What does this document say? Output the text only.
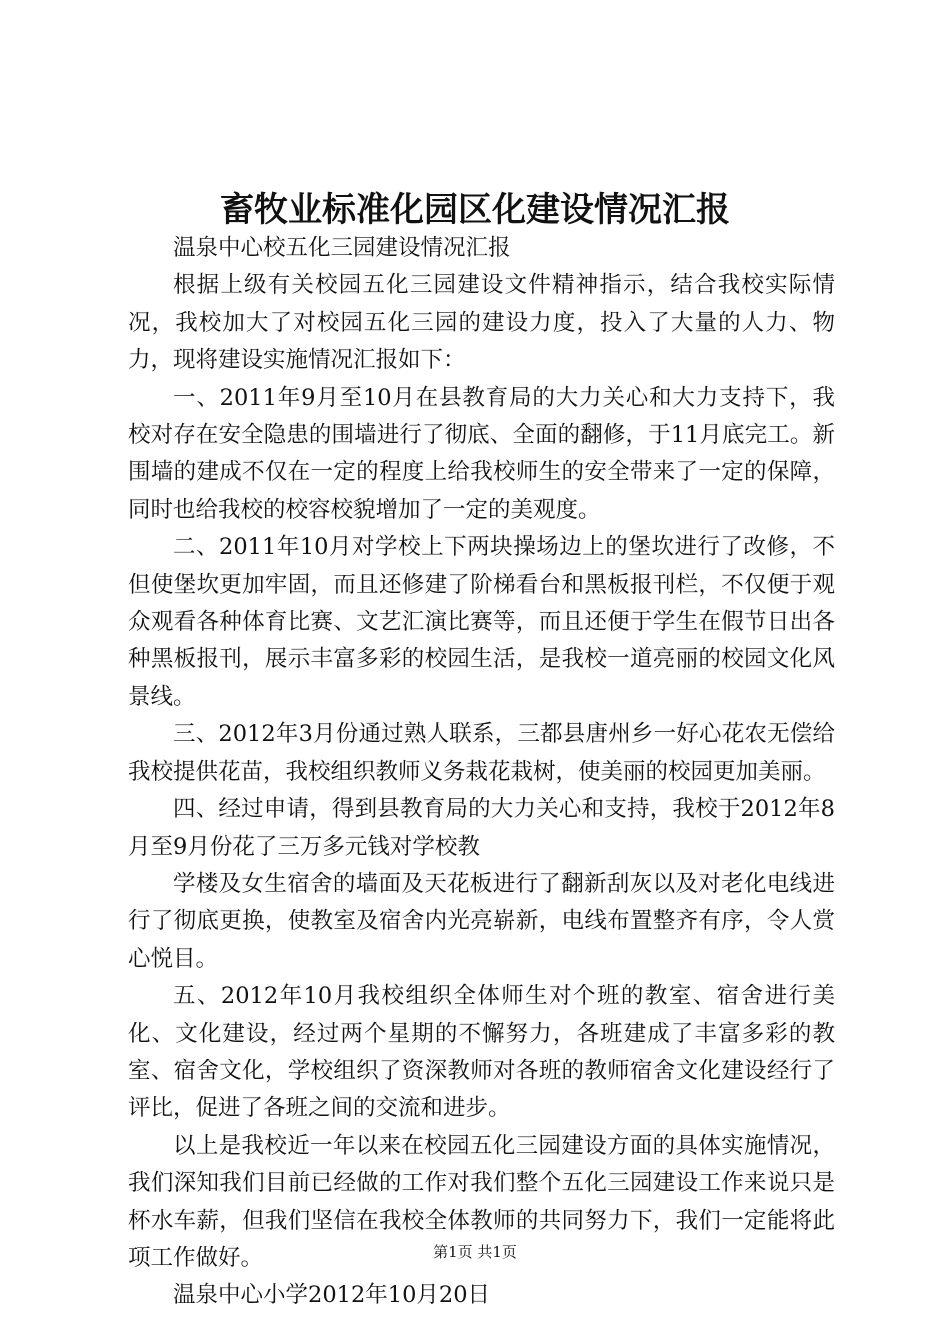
畜牧业标准化园区化建设情况汇报

温泉中心校五化三园建设情况汇报

根据上级有关校园五化三园建设文件精神指示，结合我校实际情况，我校加大了对校园五化三园的建设力度，投入了大量的人力、物力，现将建设实施情况汇报如下：

一、2011年9月至10月在县教育局的大力关心和大力支持下，我校对存在安全隐患的围墙进行了彻底、全面的翻修，于11月底完工。新围墙的建成不仅在一定的程度上给我校师生的安全带来了一定的保障，同时也给我校的校容校貌增加了一定的美观度。

二、2011年10月对学校上下两块操场边上的堡坎进行了改修，不但使堡坎更加牢固，而且还修建了阶梯看台和黑板报刊栏，不仅便于观众观看各种体育比赛、文艺汇演比赛等，而且还便于学生在假节日出各种黑板报刊，展示丰富多彩的校园生活，是我校一道亮丽的校园文化风景线。

三、2012年3月份通过熟人联系，三都县唐州乡一好心花农无偿给我校提供花苗，我校组织教师义务栽花栽树，使美丽的校园更加美丽。

四、经过申请，得到县教育局的大力关心和支持，我校于2012年8月至9月份花了三万多元钱对学校教

学楼及女生宿舍的墙面及天花板进行了翻新刮灰以及对老化电线进行了彻底更换，使教室及宿舍内光亮崭新，电线布置整齐有序，令人赏心悦目。

五、2012年10月我校组织全体师生对个班的教室、宿舍进行美化、文化建设，经过两个星期的不懈努力，各班建成了丰富多彩的教室、宿舍文化，学校组织了资深教师对各班的教师宿舍文化建设经行了评比，促进了各班之间的交流和进步。

以上是我校近一年以来在校园五化三园建设方面的具体实施情况，我们深知我们目前已经做的工作对我们整个五化三园建设工作来说只是杯水车薪，但我们坚信在我校全体教师的共同努力下，我们一定能将此项工作做好。

温泉中心小学2012年10月20日

第1页 共1页
